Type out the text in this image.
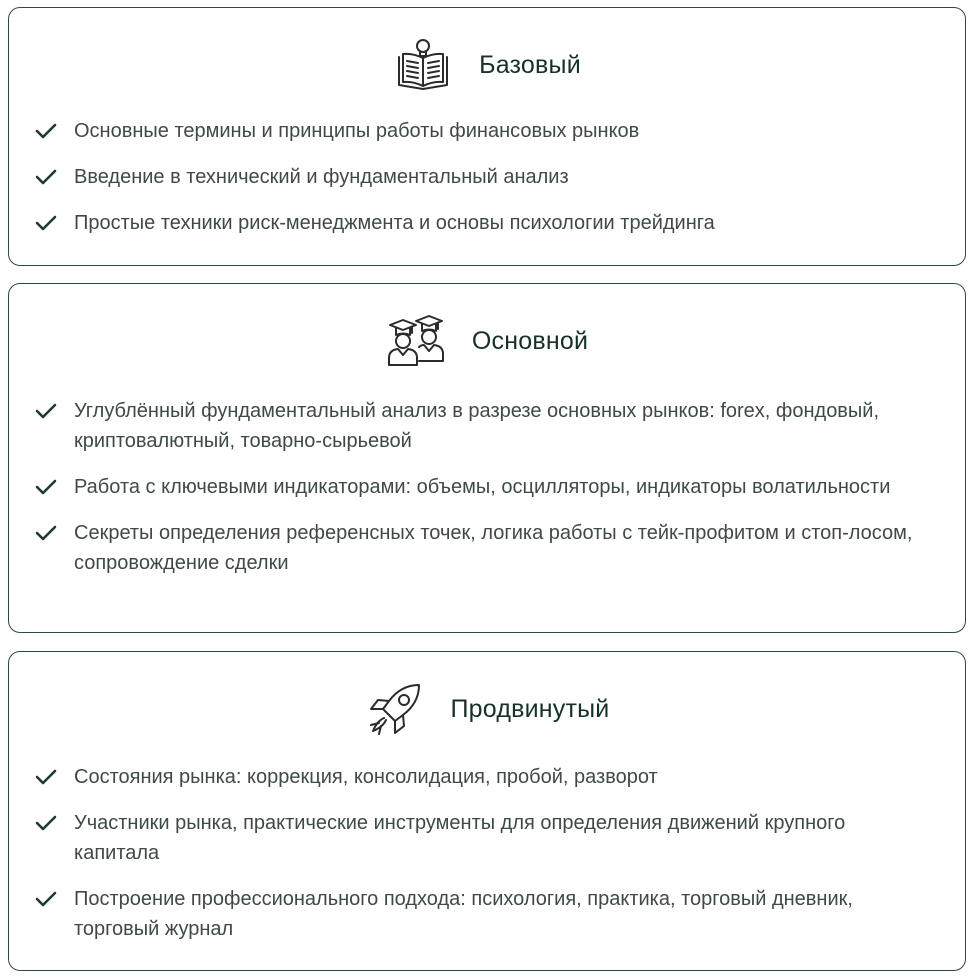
Базовый
Основные термины и принципы работы финансовых рынков
Введение в технический и фундаментальный анализ
Простые техники риск-менеджмента и основы психологии трейдинга
Основной
Углублённый фундаментальный анализ в разрезе основных рынков: forex, фондовый, криптовалютный, товарно-сырьевой
Работа с ключевыми индикаторами: объемы, осцилляторы, индикаторы волатильности
Секреты определения референсных точек, логика работы с тейк-профитом и стоп-лосом, сопровождение сделки
Продвинутый
Состояния рынка: коррекция, консолидация, пробой, разворот
Участники рынка, практические инструменты для определения движений крупного капитала
Построение профессионального подхода: психология, практика, торговый дневник, торговый журнал
